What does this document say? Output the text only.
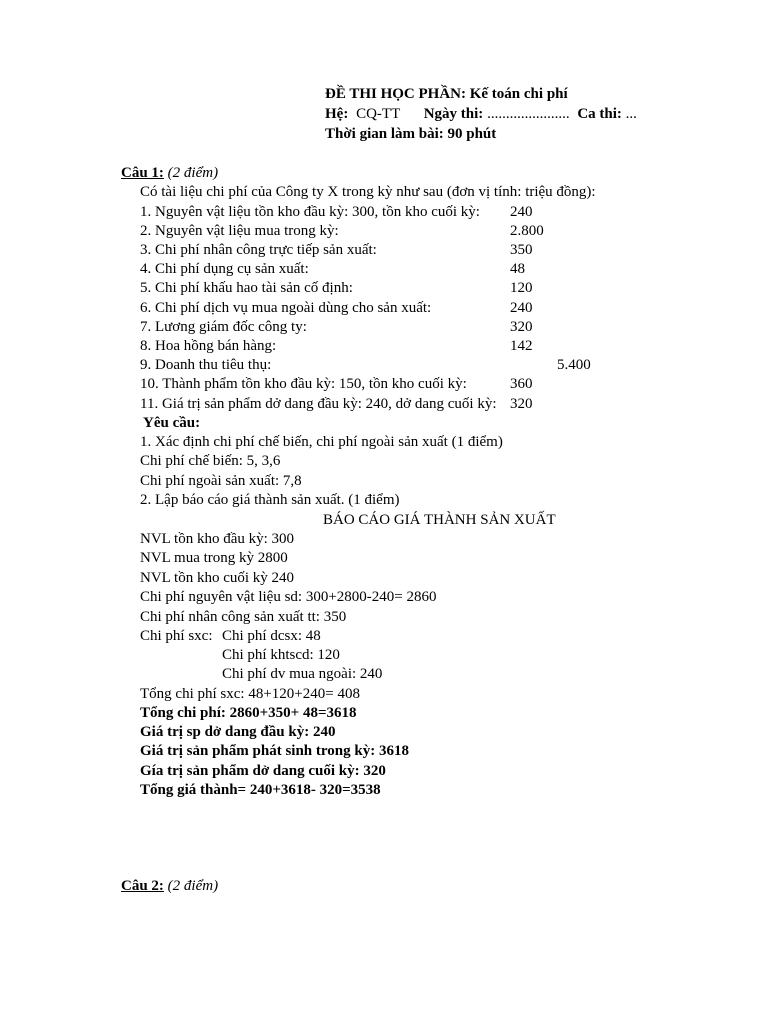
ĐỀ THI HỌC PHẦN: Kế toán chi phí
Hệ: CQ-TT Ngày thi: ...................... Ca thi: ...
Thời gian làm bài: 90 phút
Câu 1: (2 điểm)
Có tài liệu chi phí của Công ty X trong kỳ như sau (đơn vị tính: triệu đồng):
1. Nguyên vật liệu tồn kho đầu kỳ: 300, tồn kho cuối kỳ: 240
2. Nguyên vật liệu mua trong kỳ:	2.800
3. Chi phí nhân công trực tiếp sản xuất:	350
4. Chi phí dụng cụ sản xuất:	48
5. Chi phí khấu hao tài sản cố định:	120
6. Chi phí dịch vụ mua ngoài dùng cho sản xuất:	240
7. Lương giám đốc công ty:	320
8. Hoa hồng bán hàng:	142
9. Doanh thu tiêu thụ:	5.400
10. Thành phẩm tồn kho đầu kỳ: 150, tồn kho cuối kỳ:	360
11. Giá trị sản phẩm dở dang đầu kỳ: 240, dở dang cuối kỳ: 320
Yêu cầu:
1. Xác định chi phí chế biến, chi phí ngoài sản xuất (1 điểm)
Chi phí chế biến: 5, 3,6
Chi phí ngoài sản xuất: 7,8
2. Lập báo cáo giá thành sản xuất. (1 điểm)
BÁO CÁO GIÁ THÀNH SẢN XUẤT
NVL tồn kho đầu kỳ: 300
NVL mua trong kỳ 2800
NVL tồn kho cuối kỳ 240
Chi phí nguyên vật liệu sd: 300+2800-240= 2860
Chi phí nhân công sản xuất tt: 350
Chi phí sxc: Chi phí dcsx: 48
Chi phí khtscd: 120
Chi phí dv mua ngoài: 240
Tổng chi phí sxc: 48+120+240= 408
Tổng chi phí: 2860+350+ 48=3618
Giá trị sp dở dang đầu kỳ: 240
Giá trị sản phẩm phát sinh trong kỳ: 3618
Gía trị sản phẩm dở dang cuối kỳ: 320
Tổng giá thành= 240+3618- 320=3538
Câu 2: (2 điểm)
